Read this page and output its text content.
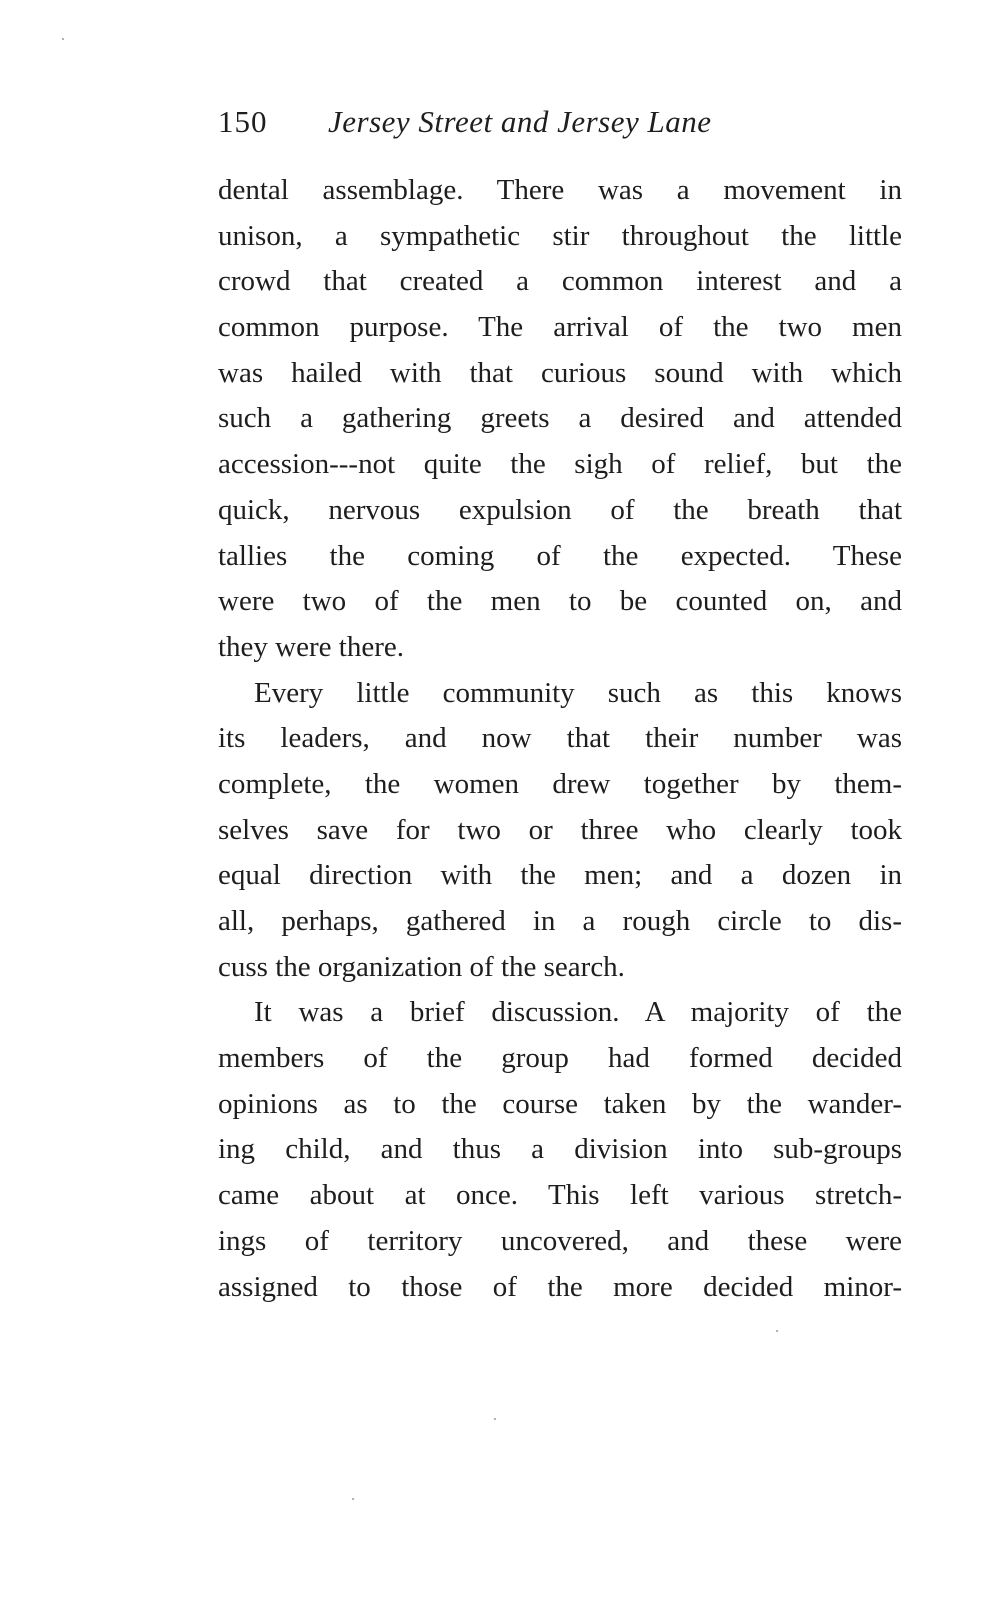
150 Jersey Street and Jersey Lane
dental assemblage. There was a movement in
unison, a sympathetic stir throughout the little
crowd that created a common interest and a
common purpose. The arrival of the two men
was hailed with that curious sound with which
such a gathering greets a desired and attended
accession---not quite the sigh of relief, but the
quick, nervous expulsion of the breath that
tallies the coming of the expected. These
were two of the men to be counted on, and
they were there.
Every little community such as this knows
its leaders, and now that their number was
complete, the women drew together by them-
selves save for two or three who clearly took
equal direction with the men; and a dozen in
all, perhaps, gathered in a rough circle to dis-
cuss the organization of the search.
It was a brief discussion. A majority of the
members of the group had formed decided
opinions as to the course taken by the wander-
ing child, and thus a division into sub-groups
came about at once. This left various stretch-
ings of territory uncovered, and these were
assigned to those of the more decided minor-
